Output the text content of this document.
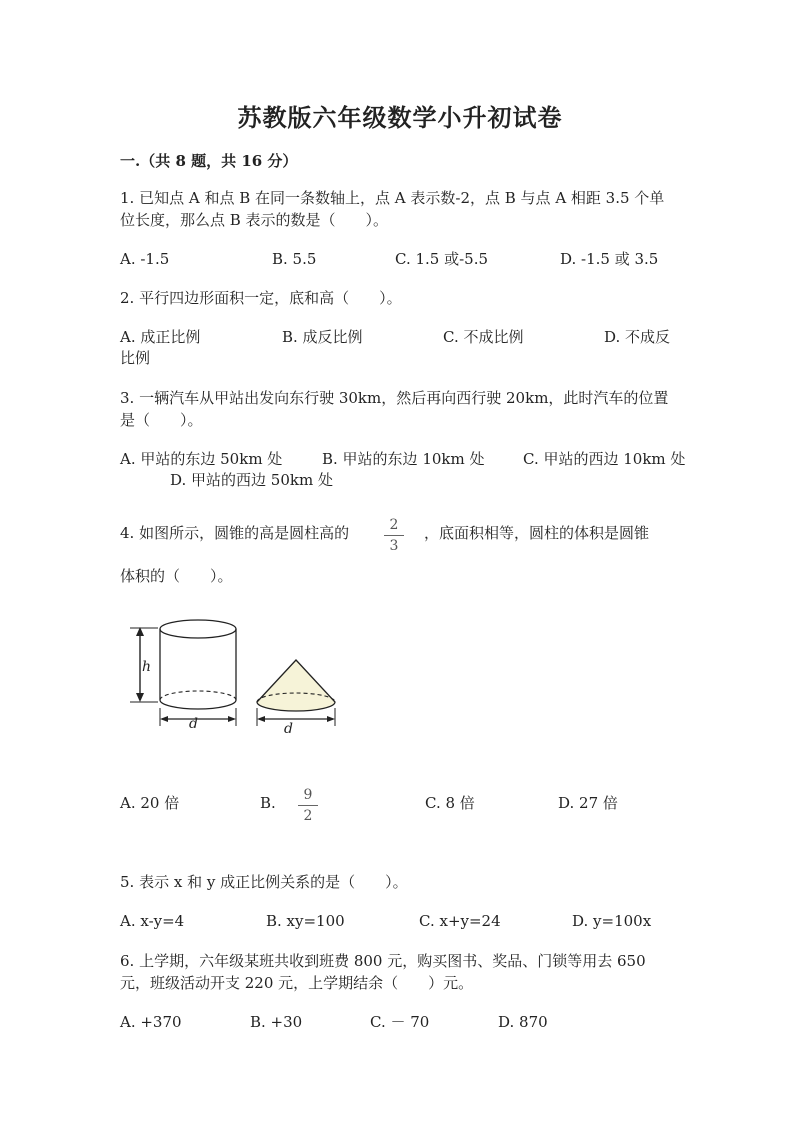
苏教版六年级数学小升初试卷
一.（共 8 题，共 16 分）
1. 已知点 A 和点 B 在同一条数轴上，点 A 表示数-2，点 B 与点 A 相距 3.5 个单
位长度，那么点 B 表示的数是（　　）。
A. -1.5	B. 5.5	C. 1.5 或-5.5	D. -1.5 或 3.5
2. 平行四边形面积一定，底和高（　　）。
A. 成正比例	B. 成反比例	C. 不成比例	D. 不成反
比例
3. 一辆汽车从甲站出发向东行驶 30km，然后再向西行驶 20km，此时汽车的位置
是（　　）。
A. 甲站的东边 50km 处	B. 甲站的东边 10km 处	C. 甲站的西边 10km 处
D. 甲站的西边 50km 处
4. 如图所示，圆锥的高是圆柱高的	2
3
，底面积相等，圆柱的体积是圆锥
体积的（　　）。
h
d	d
A. 20 倍	B.	9
2
C. 8 倍	D. 27 倍
5. 表示 x 和 y 成正比例关系的是（　　）。
A. x-y=4	B. xy=100	C. x+y=24	D. y=100x
6. 上学期，六年级某班共收到班费 800 元，购买图书、奖品、门锁等用去 650
元，班级活动开支 220 元，上学期结余（　　）元。
A. +370	B. +30	C. － 70	D. 870
